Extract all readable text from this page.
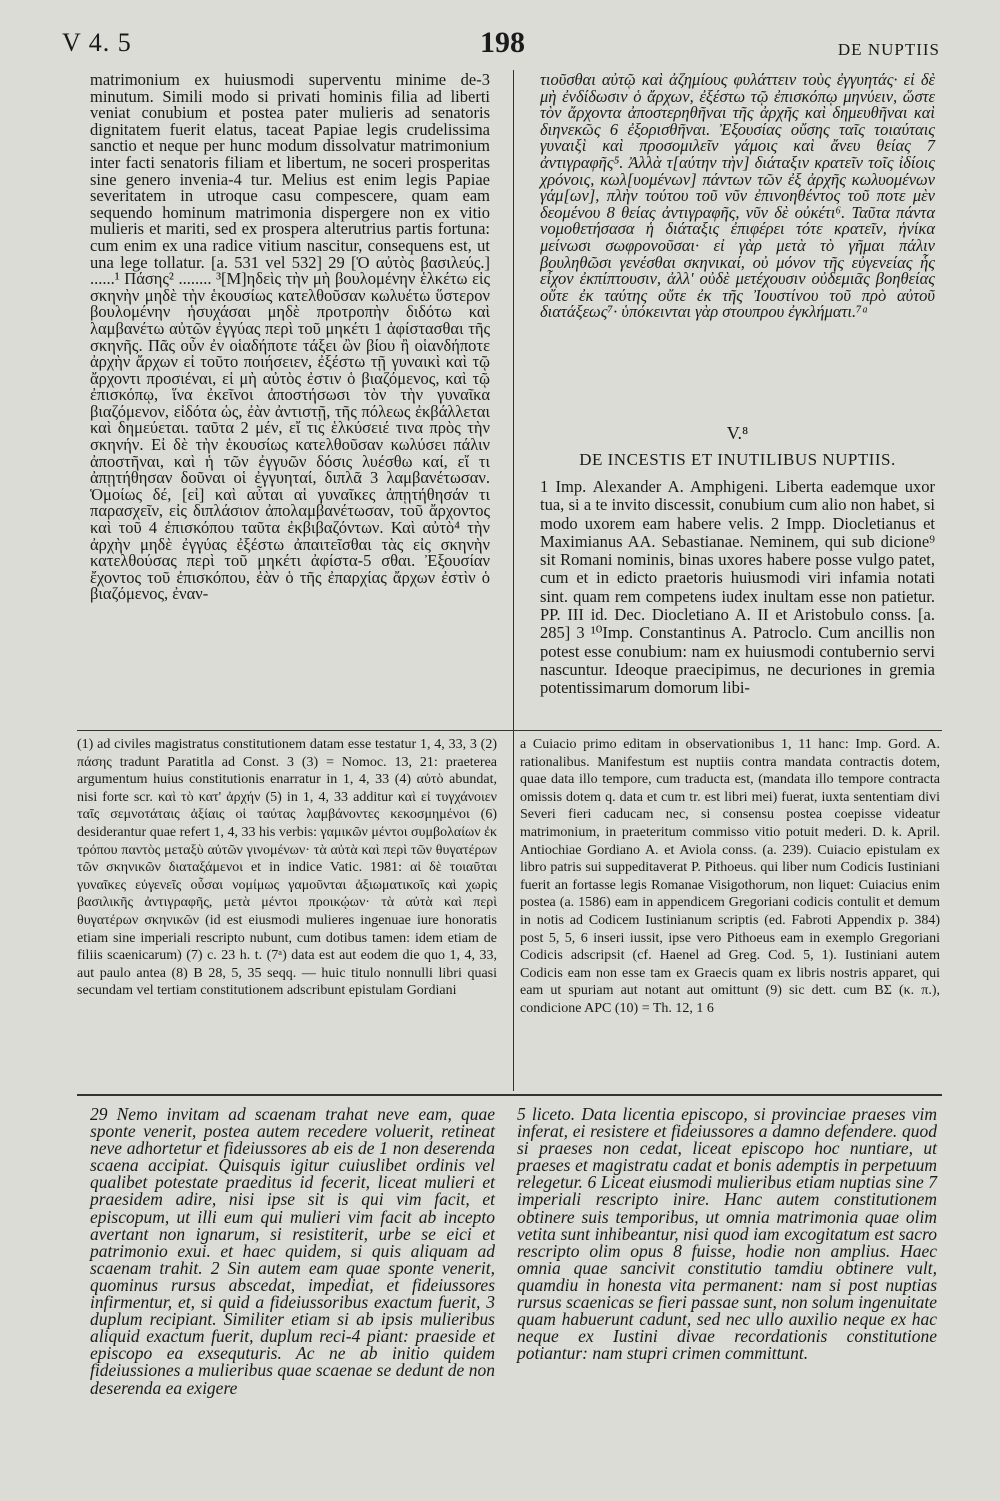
V 4. 5	198	DE NUPTIIS

matrimonium ex huiusmodi superventu minime de-3 minutum. Simili modo si privati hominis filia ad liberti veniat conubium et postea pater mulieris ad senatoris dignitatem fuerit elatus, taceat Papiae legis crudelissima sanctio et neque per hunc modum dissolvatur matrimonium inter facti senatoris filiam et libertum, ne soceri prosperitas sine genero invenia-4 tur. Melius est enim legis Papiae severitatem in utroque casu compescere, quam eam sequendo hominum matrimonia dispergere non ex vitio mulieris et mariti, sed ex prospera alterutrius partis fortuna: cum enim ex una radice vitium nascitur, consequens est, ut una lege tollatur. [a. 531 vel 532] 29 [Ὁ αὐτὸς βασιλεύς.] ......¹ Πάσης² ........ ³[Μ]ηδεὶς τὴν μὴ βουλομένην ἑλκέτω εἰς σκηνὴν μηδὲ τὴν ἑκουσίως κατελθοῦσαν κωλυέτω ὕστερον βουλομένην ἡσυχάσαι μηδὲ προτροπὴν διδότω καὶ λαμβανέτω αὐτῶν ἐγγύας περὶ τοῦ μηκέτι 1 ἀφίστασθαι τῆς σκηνῆς. Πᾶς οὖν ἐν οἱαδήποτε τάξει ὢν βίου ἢ οἱανδήποτε ἀρχὴν ἄρχων εἰ τοῦτο ποιήσειεν, ἐξέστω τῇ γυναικὶ καὶ τῷ ἄρχοντι προσιέναι, εἰ μὴ αὐτὸς ἐστιν ὁ βιαζόμενος, καὶ τῷ ἐπισκόπῳ, ἵνα ἐκεῖνοι ἀποστήσωσι τὸν τὴν γυναῖκα βιαζόμενον, εἰδότα ὡς, ἐὰν ἀντιστῇ, τῆς πόλεως ἐκβάλλεται καὶ δημεύεται. ταῦτα 2 μέν, εἴ τις ἑλκύσειέ τινα πρὸς τὴν σκηνήν. Εἰ δὲ τὴν ἑκουσίως κατελθοῦσαν κωλύσει πάλιν ἀποστῆναι, καὶ ἡ τῶν ἐγγυῶν δόσις λυέσθω καί, εἴ τι ἀπῃτήθησαν δοῦναι οἱ ἐγγυηταί, διπλᾶ 3 λαμβανέτωσαν. Ὁμοίως δέ, [εἰ] καὶ αὗται αἱ γυναῖκες ἀπῃτήθησάν τι παρασχεῖν, εἰς διπλάσιον ἀπολαμβανέτωσαν, τοῦ ἄρχοντος καὶ τοῦ 4 ἐπισκόπου ταῦτα ἐκβιβαζόντων. Καὶ αὐτὸ⁴ τὴν ἀρχὴν μηδὲ ἐγγύας ἐξέστω ἀπαιτεῖσθαι τὰς εἰς σκηνὴν κατελθούσας περὶ τοῦ μηκέτι ἀφίστα-5 σθαι. Ἐξουσίαν ἔχοντος τοῦ ἐπισκόπου, ἐὰν ὁ τῆς ἐπαρχίας ἄρχων ἐστὶν ὁ βιαζόμενος, ἐναν-

τιοῦσθαι αὐτῷ καὶ ἀζημίους φυλάττειν τοὺς ἐγγυητάς· εἰ δὲ μὴ ἐνδίδωσιν ὁ ἄρχων, ἐξέστω τῷ ἐπισκόπῳ μηνύειν, ὥστε τὸν ἄρχοντα ἀποστερηθῆναι τῆς ἀρχῆς καὶ δημευθῆναι καὶ διηνεκῶς 6 ἐξορισθῆναι. Ἐξουσίας οὔσης ταῖς τοιαύταις γυναιξὶ καὶ προσομιλεῖν γάμοις καὶ ἄνευ θείας 7 ἀντιγραφῆς⁵. Ἀλλὰ τ[αύτην τὴν] διάταξιν κρατεῖν τοῖς ἰδίοις χρόνοις, κωλ[υομένων] πάντων τῶν ἐξ ἀρχῆς κωλυομένων γάμ[ων], πλὴν τούτου τοῦ νῦν ἐπινοηθέντος τοῦ ποτε μὲν δεομένου 8 θείας ἀντιγραφῆς, νῦν δὲ οὐκέτι⁶. Ταῦτα πάντα νομοθετήσασα ἡ διάταξις ἐπιφέρει τότε κρατεῖν, ἡνίκα μείνωσι σωφρονοῦσαι· εἰ γὰρ μετὰ τὸ γῆμαι πάλιν βουληθῶσι γενέσθαι σκηνικαί, οὐ μόνον τῆς εὐγενείας ἧς εἶχον ἐκπίπτουσιν, ἀλλ' οὐδὲ μετέχουσιν οὐδεμιᾶς βοηθείας οὔτε ἐκ ταύτης οὔτε ἐκ τῆς Ἰουστίνου τοῦ πρὸ αὐτοῦ διατάξεως⁷· ὑπόκεινται γὰρ στουπρου ἐγκλήματι.⁷ᵃ

V.⁸
DE INCESTIS ET INUTILIBUS NUPTIIS.

1 Imp. Alexander A. Amphigeni. Liberta eademque uxor tua, si a te invito discessit, conubium cum alio non habet, si modo uxorem eam habere velis. 2 Impp. Diocletianus et Maximianus AA. Sebastianae. Neminem, qui sub dicione⁹ sit Romani nominis, binas uxores habere posse vulgo patet, cum et in edicto praetoris huiusmodi viri infamia notati sint. quam rem competens iudex inultam esse non patietur. PP. III id. Dec. Diocletiano A. II et Aristobulo conss. [a. 285] 3 ¹⁰Imp. Constantinus A. Patroclo. Cum ancillis non potest esse conubium: nam ex huiusmodi contubernio servi nascuntur. Ideoque praecipimus, ne decuriones in gremia potentissimarum domorum libi-

(1) ad civiles magistratus constitutionem datam esse testatur 1, 4, 33, 3 (2) πάσης tradunt Paratitla ad Const. 3 (3) = Nomoc. 13, 21: praeterea argumentum huius constitutionis enarratur in 1, 4, 33 (4) αὐτὸ abundat, nisi forte scr. καὶ τὸ κατ' ἀρχήν (5) in 1, 4, 33 additur καὶ εἰ τυγχάνοιεν ταῖς σεμνοτάταις ἀξίαις οἱ ταύτας λαμβάνοντες κεκοσμημένοι (6) desiderantur quae refert 1, 4, 33 his verbis: γαμικῶν μέντοι συμβολαίων ἐκ τρόπου παντὸς μεταξὺ αὐτῶν γινομένων· τὰ αὐτὰ καὶ περὶ τῶν θυγατέρων τῶν σκηνικῶν διαταξάμενοι et in indice Vatic. 1981: αἱ δὲ τοιαῦται γυναῖκες εὐγενεῖς οὖσαι νομίμως γαμοῦνται ἀξιωματικοῖς καὶ χωρὶς βασιλικῆς ἀντιγραφῆς, μετὰ μέντοι προικῴων· τὰ αὐτὰ καὶ περὶ θυγατέρων σκηνικῶν (id est eiusmodi mulieres ingenuae iure honoratis etiam sine imperiali rescripto nubunt, cum dotibus tamen: idem etiam de filiis scaenicarum) (7) c. 23 h. t. (7ᵃ) data est aut eodem die quo 1, 4, 33, aut paulo antea (8) B 28, 5, 35 seqq. — huic titulo nonnulli libri quasi secundam vel tertiam constitutionem adscribunt epistulam Gordiani
a Cuiacio primo editam in observationibus 1, 11 hanc: Imp. Gord. A. rationalibus. Manifestum est nuptiis contra mandata contractis dotem, quae data illo tempore, cum traducta est, (mandata illo tempore contracta omissis dotem q. data et cum tr. est libri mei) fuerat, iuxta sententiam divi Severi fieri caducam nec, si consensu postea coepisse videatur matrimonium, in praeteritum commisso vitio potuit mederi. D. k. April. Antiochiae Gordiano A. et Aviola conss. (a. 239). Cuiacio epistulam ex libro patris sui suppeditaverat P. Pithoeus. qui liber num Codicis Iustiniani fuerit an fortasse legis Romanae Visigothorum, non liquet: Cuiacius enim postea (a. 1586) eam in appendicem Gregoriani codicis contulit et demum in notis ad Codicem Iustinianum scriptis (ed. Fabroti Appendix p. 384) post 5, 5, 6 inseri iussit, ipse vero Pithoeus eam in exemplo Gregoriani Codicis adscripsit (cf. Haenel ad Greg. Cod. 5, 1). Iustiniani autem Codicis eam non esse tam ex Graecis quam ex libris nostris apparet, qui eam ut spuriam aut notant aut omittunt (9) sic dett. cum ΒΣ (κ. π.), condicione APC (10) = Th. 12, 1 6
29 Nemo invitam ad scaenam trahat neve eam, quae sponte venerit, postea autem recedere voluerit, retineat neve adhortetur et fideiussores ab eis de 1 non deserenda scaena accipiat. Quisquis igitur cuiuslibet ordinis vel qualibet potestate praeditus id fecerit, liceat mulieri et praesidem adire, nisi ipse sit is qui vim facit, et episcopum, ut illi eum qui mulieri vim facit ab incepto avertant non ignarum, si resistiterit, urbe se eici et patrimonio exui. et haec quidem, si quis aliquam ad scaenam trahit. 2 Sin autem eam quae sponte venerit, quominus rursus abscedat, impediat, et fideiussores infirmentur, et, si quid a fideiussoribus exactum fuerit, 3 duplum recipiant. Similiter etiam si ab ipsis mulieribus aliquid exactum fuerit, duplum reci-4 piant: praeside et episcopo ea exsequturis. Ac ne ab initio quidem fideiussiones a mulieribus quae scaenae se dedunt de non deserenda ea exigere
5 liceto. Data licentia episcopo, si provinciae praeses vim inferat, ei resistere et fideiussores a damno defendere. quod si praeses non cedat, liceat episcopo hoc nuntiare, ut praeses et magistratu cadat et bonis ademptis in perpetuum relegetur. 6 Liceat eiusmodi mulieribus etiam nuptias sine 7 imperiali rescripto inire. Hanc autem constitutionem obtinere suis temporibus, ut omnia matrimonia quae olim vetita sunt inhibeantur, nisi quod iam excogitatum est sacro rescripto olim opus 8 fuisse, hodie non amplius. Haec omnia quae sancivit constitutio tamdiu obtinere vult, quamdiu in honesta vita permanent: nam si post nuptias rursus scaenicas se fieri passae sunt, non solum ingenuitate quam habuerunt cadunt, sed nec ullo auxilio neque ex hac neque ex Iustini divae recordationis constitutione potiantur: nam stupri crimen committunt.
